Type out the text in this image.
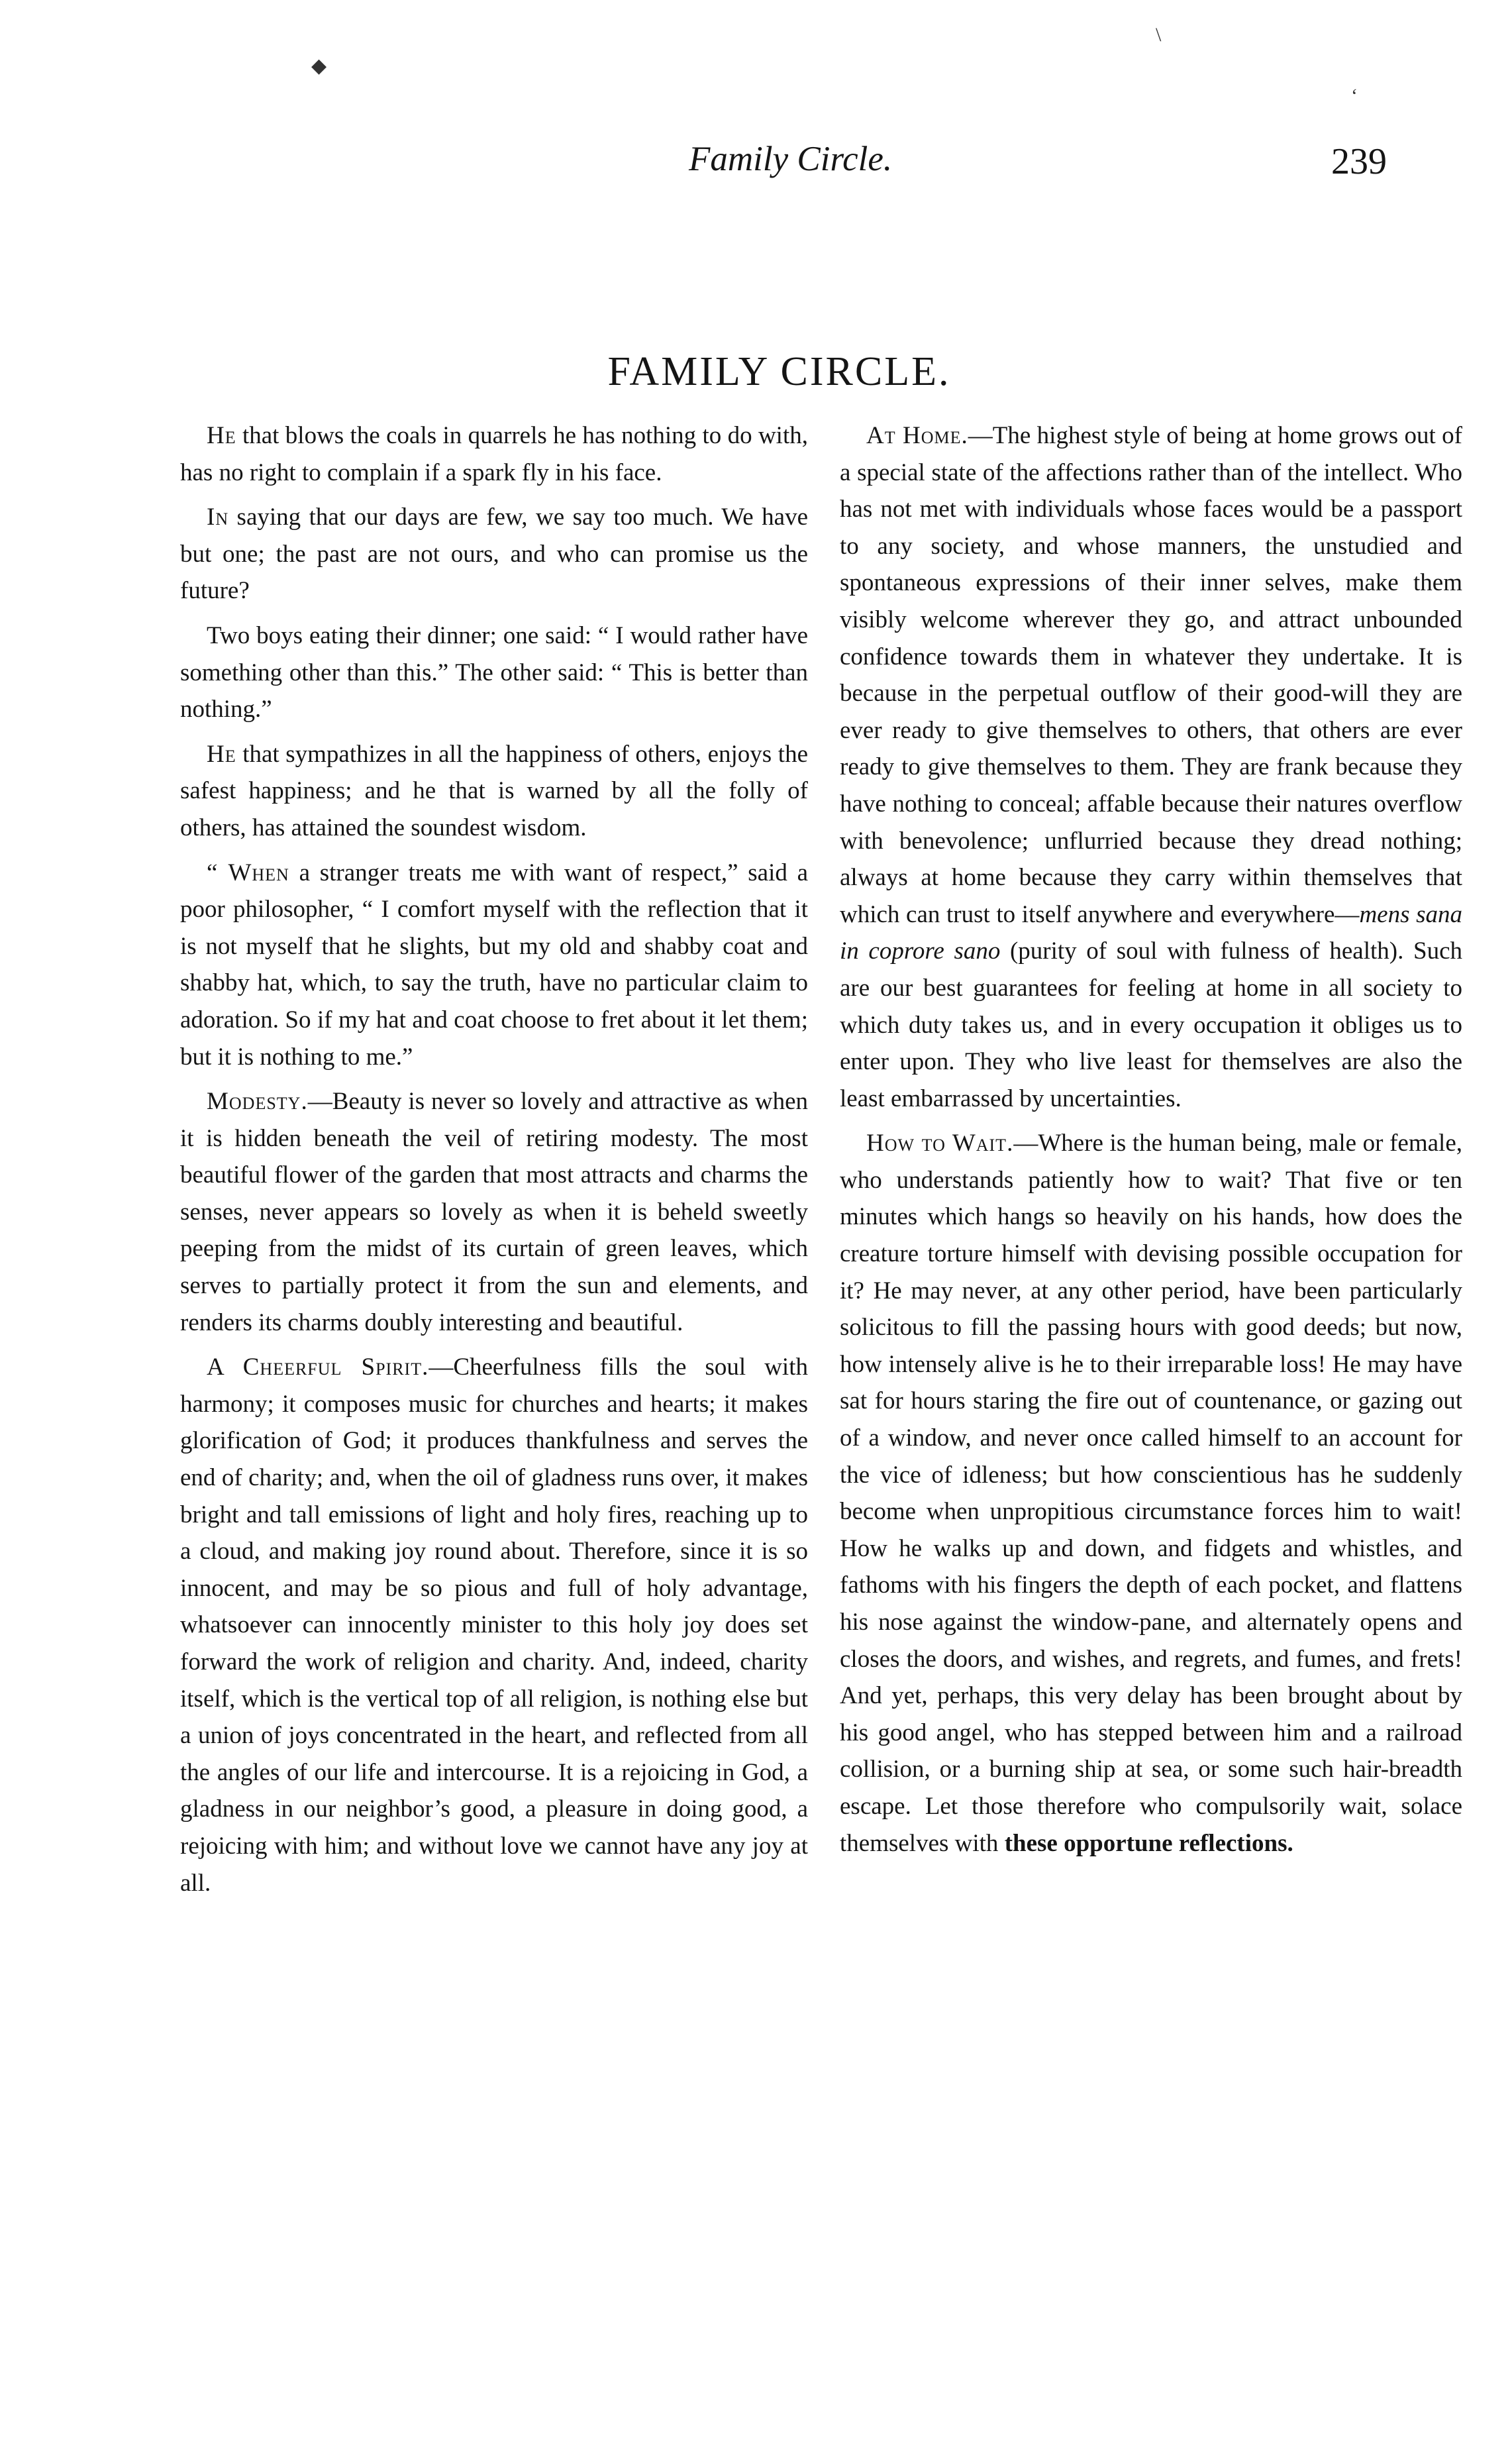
◆
\
‘
Family Circle.	239
FAMILY CIRCLE.

He that blows the coals in quarrels he has nothing to do with, has no right to complain if a spark fly in his face.

In saying that our days are few, we say too much. We have but one; the past are not ours, and who can promise us the future?

Two boys eating their dinner; one said: “ I would rather have something other than this.” The other said: “ This is better than nothing.”

He that sympathizes in all the happiness of others, enjoys the safest happiness; and he that is warned by all the folly of others, has attained the soundest wisdom.

“ When a stranger treats me with want of respect,” said a poor philosopher, “ I comfort myself with the reflection that it is not myself that he slights, but my old and shabby coat and shabby hat, which, to say the truth, have no particular claim to adoration. So if my hat and coat choose to fret about it let them; but it is nothing to me.”

Modesty.—Beauty is never so lovely and attractive as when it is hidden beneath the veil of retiring modesty. The most beautiful flower of the garden that most attracts and charms the senses, never appears so lovely as when it is beheld sweetly peeping from the midst of its curtain of green leaves, which serves to partially protect it from the sun and elements, and renders its charms doubly interesting and beautiful.

A Cheerful Spirit.—Cheerfulness fills the soul with harmony; it composes music for churches and hearts; it makes glorification of God; it produces thankfulness and serves the end of charity; and, when the oil of gladness runs over, it makes bright and tall emissions of light and holy fires, reaching up to a cloud, and making joy round about. Therefore, since it is so innocent, and may be so pious and full of holy advantage, whatsoever can innocently minister to this holy joy does set forward the work of religion and charity. And, indeed, charity itself, which is the vertical top of all religion, is nothing else but a union of joys concentrated in the heart, and reflected from all the angles of our life and intercourse. It is a rejoicing in God, a gladness in our neighbor’s good, a pleasure in doing good, a rejoicing with him; and without love we cannot have any joy at all.

At Home.—The highest style of being at home grows out of a special state of the affections rather than of the intellect. Who has not met with individuals whose faces would be a passport to any society, and whose manners, the unstudied and spontaneous expressions of their inner selves, make them visibly welcome wherever they go, and attract unbounded confidence towards them in whatever they undertake. It is because in the perpetual outflow of their good-will they are ever ready to give themselves to others, that others are ever ready to give themselves to them. They are frank because they have nothing to conceal; affable because their natures overflow with benevolence; unflurried because they dread nothing; always at home because they carry within themselves that which can trust to itself anywhere and everywhere—mens sana in coprore sano (purity of soul with fulness of health). Such are our best guarantees for feeling at home in all society to which duty takes us, and in every occupation it obliges us to enter upon. They who live least for themselves are also the least embarrassed by uncertainties.

How to Wait.—Where is the human being, male or female, who understands patiently how to wait? That five or ten minutes which hangs so heavily on his hands, how does the creature torture himself with devising possible occupation for it? He may never, at any other period, have been particularly solicitous to fill the passing hours with good deeds; but now, how intensely alive is he to their irreparable loss! He may have sat for hours staring the fire out of countenance, or gazing out of a window, and never once called himself to an account for the vice of idleness; but how conscientious has he suddenly become when unpropitious circumstance forces him to wait! How he walks up and down, and fidgets and whistles, and fathoms with his fingers the depth of each pocket, and flattens his nose against the window-pane, and alternately opens and closes the doors, and wishes, and regrets, and fumes, and frets! And yet, perhaps, this very delay has been brought about by his good angel, who has stepped between him and a railroad collision, or a burning ship at sea, or some such hair-breadth escape. Let those therefore who compulsorily wait, solace themselves with these opportune reflections.
